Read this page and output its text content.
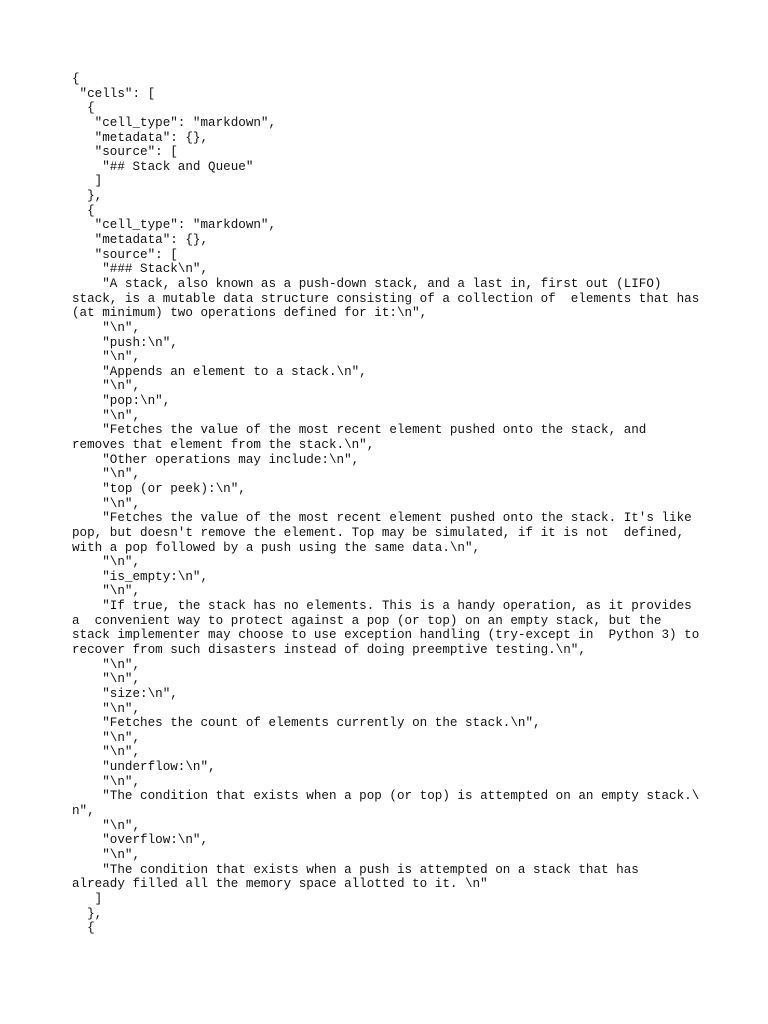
{
"cells": [
{
"cell_type": "markdown",
"metadata": {},
"source": [
"## Stack and Queue"
]
},
{
"cell_type": "markdown",
"metadata": {},
"source": [
"### Stack\n",
"A stack, also known as a push-down stack, and a last in, first out (LIFO)
stack, is a mutable data structure consisting of a collection of  elements that has
(at minimum) two operations defined for it:\n",
"\n",
"push:\n",
"\n",
"Appends an element to a stack.\n",
"\n",
"pop:\n",
"\n",
"Fetches the value of the most recent element pushed onto the stack, and
removes that element from the stack.\n",
"Other operations may include:\n",
"\n",
"top (or peek):\n",
"\n",
"Fetches the value of the most recent element pushed onto the stack. It's like
pop, but doesn't remove the element. Top may be simulated, if it is not  defined,
with a pop followed by a push using the same data.\n",
"\n",
"is_empty:\n",
"\n",
"If true, the stack has no elements. This is a handy operation, as it provides
a  convenient way to protect against a pop (or top) on an empty stack, but the
stack implementer may choose to use exception handling (try-except in  Python 3) to
recover from such disasters instead of doing preemptive testing.\n",
"\n",
"\n",
"size:\n",
"\n",
"Fetches the count of elements currently on the stack.\n",
"\n",
"\n",
"underflow:\n",
"\n",
"The condition that exists when a pop (or top) is attempted on an empty stack.\
n",
"\n",
"overflow:\n",
"\n",
"The condition that exists when a push is attempted on a stack that has
already filled all the memory space allotted to it. \n"
]
},
{
